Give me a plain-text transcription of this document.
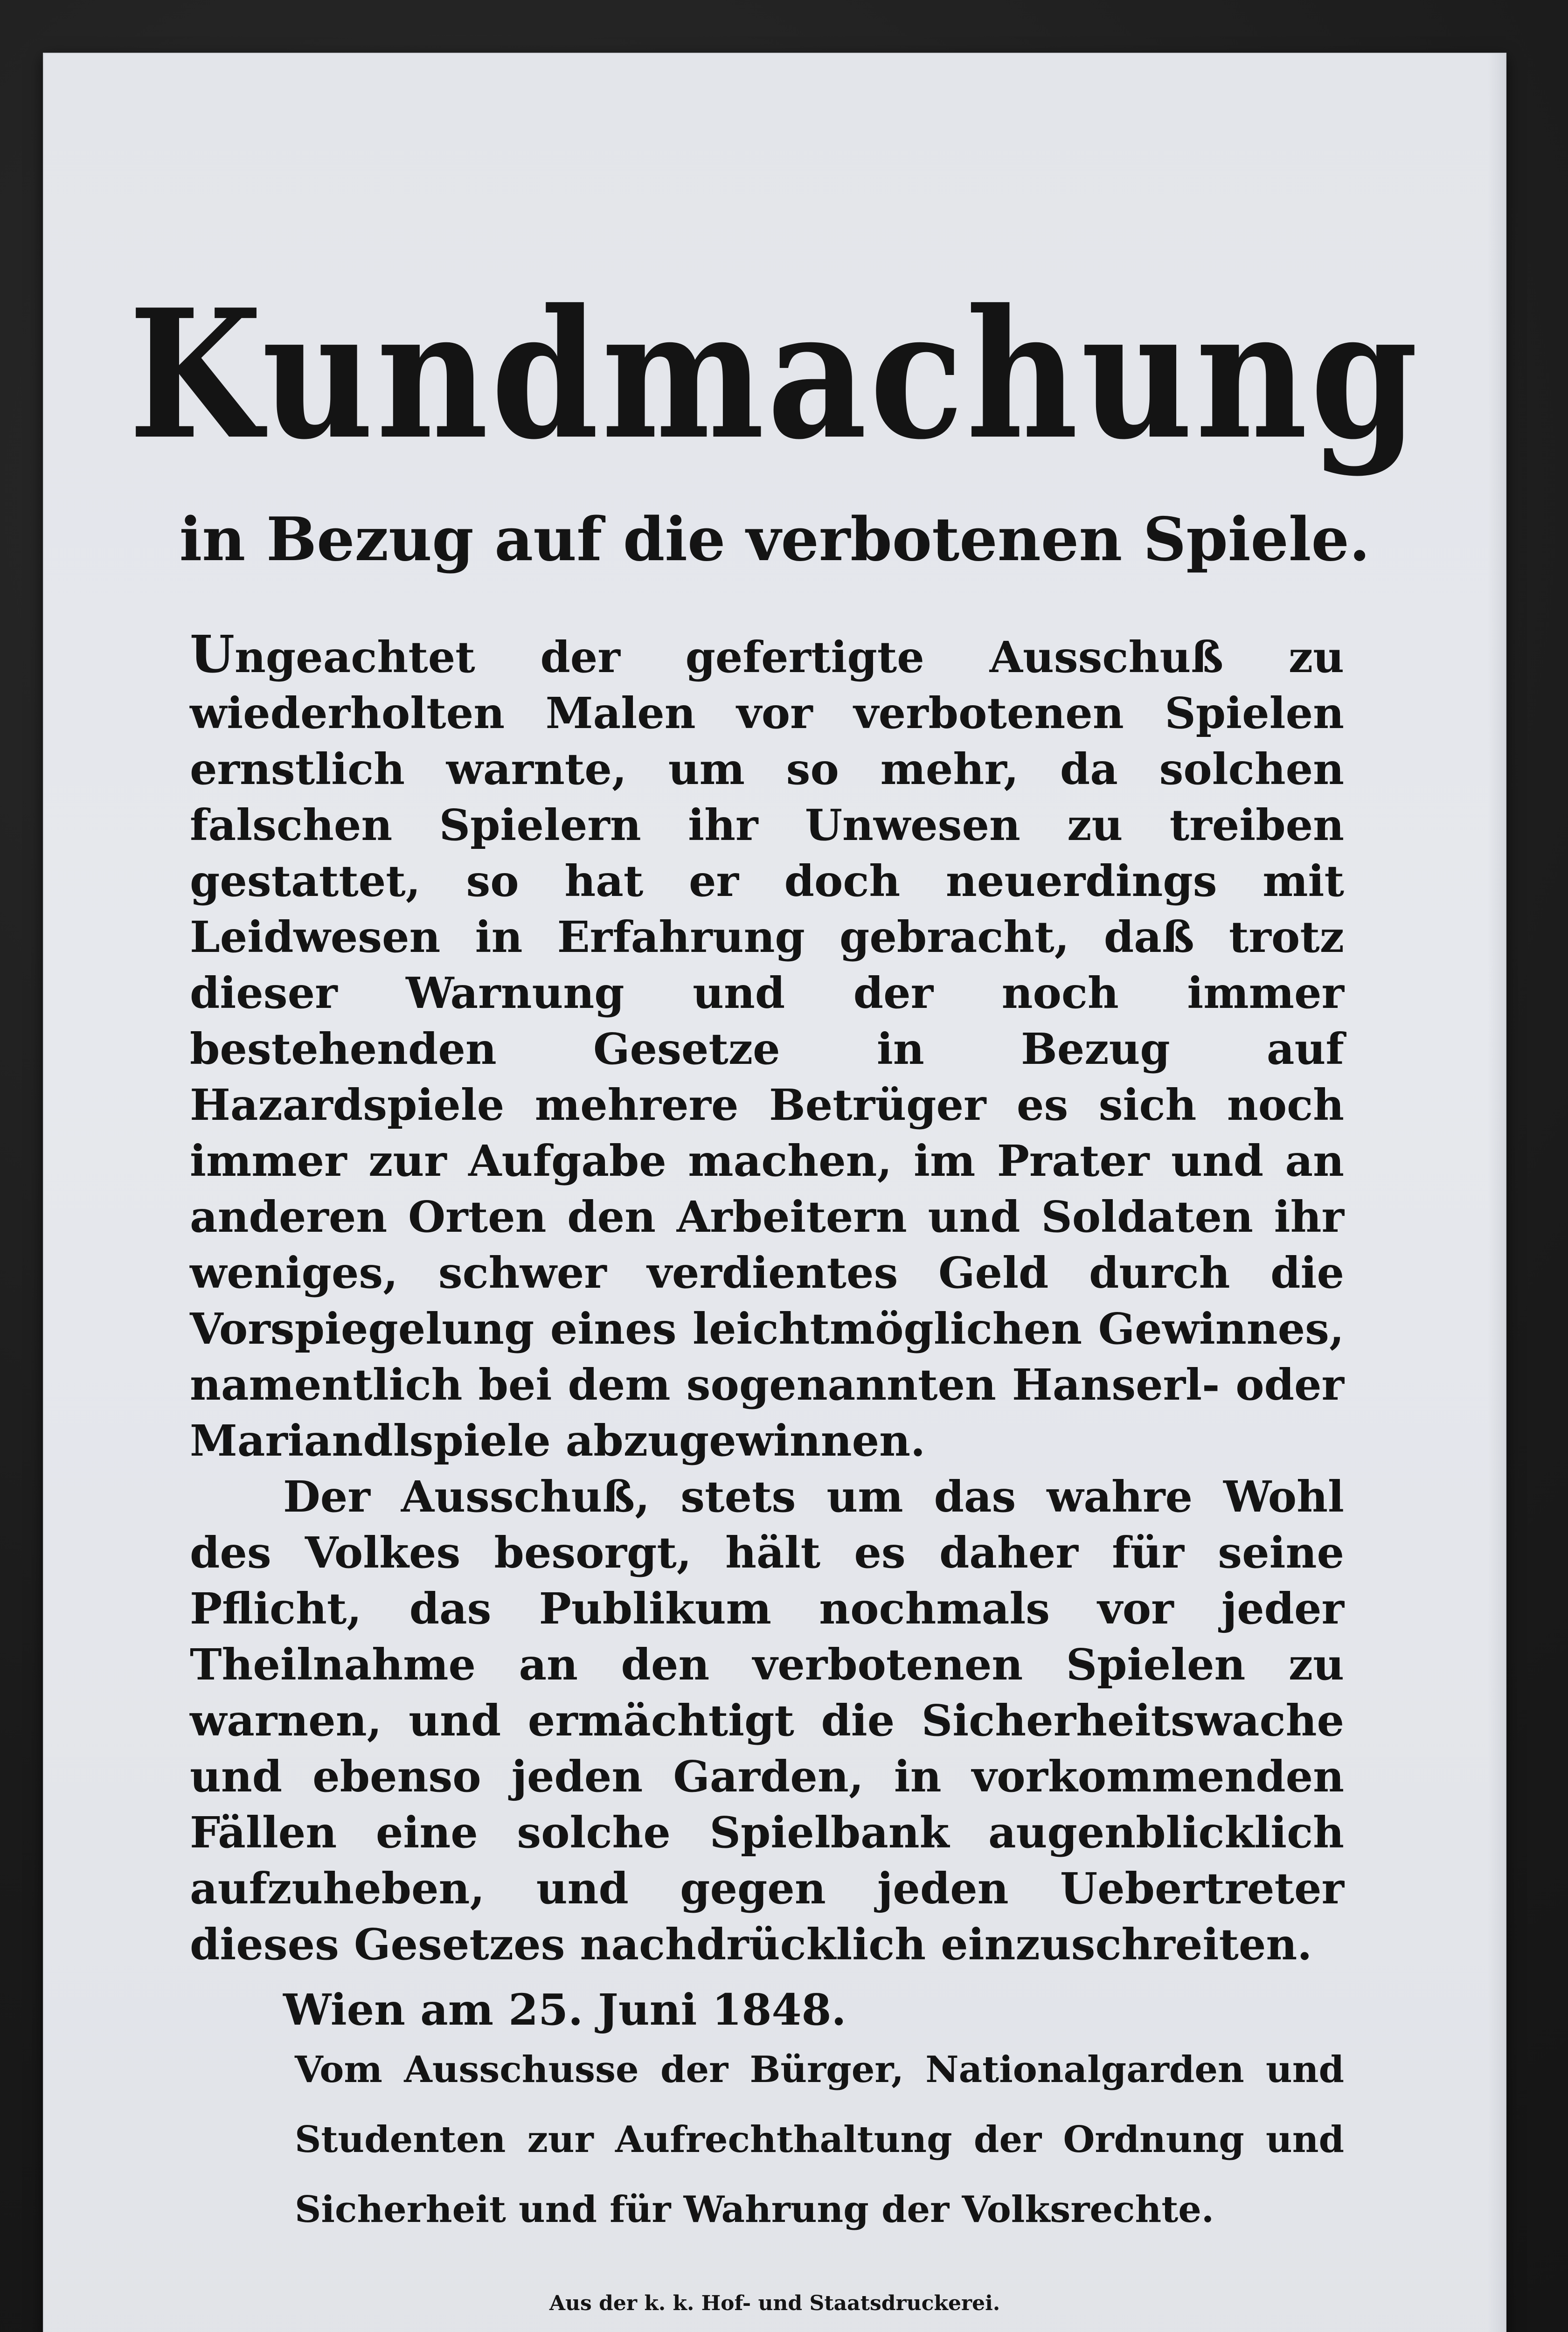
Kundmachung
in Bezug auf die verbotenen Spiele.

Ungeachtet der gefertigte Ausschuß zu wiederholten Malen vor verbotenen Spielen ernstlich warnte, um so mehr, da solchen falschen Spielern ihr Unwesen zu treiben gestattet, so hat er doch neuerdings mit Leidwesen in Erfahrung gebracht, daß trotz dieser Warnung und der noch immer bestehenden Gesetze in Bezug auf Hazardspiele mehrere Betrüger es sich noch immer zur Aufgabe machen, im Prater und an anderen Orten den Arbeitern und Soldaten ihr weniges, schwer verdientes Geld durch die Vorspiegelung eines leichtmöglichen Gewinnes, namentlich bei dem sogenannten Hanserl- oder Mariandlspiele abzugewinnen.

Der Ausschuß, stets um das wahre Wohl des Volkes besorgt, hält es daher für seine Pflicht, das Publikum nochmals vor jeder Theilnahme an den verbotenen Spielen zu warnen, und ermächtigt die Sicherheitswache und ebenso jeden Garden, in vorkommenden Fällen eine solche Spielbank augenblicklich aufzuheben, und gegen jeden Uebertreter dieses Gesetzes nachdrücklich einzuschreiten.

Wien am 25. Juni 1848.

Vom Ausschusse der Bürger, Nationalgarden und Studenten zur Aufrechthaltung der Ordnung und Sicherheit und für Wahrung der Volksrechte.

Aus der k. k. Hof- und Staatsdruckerei.
